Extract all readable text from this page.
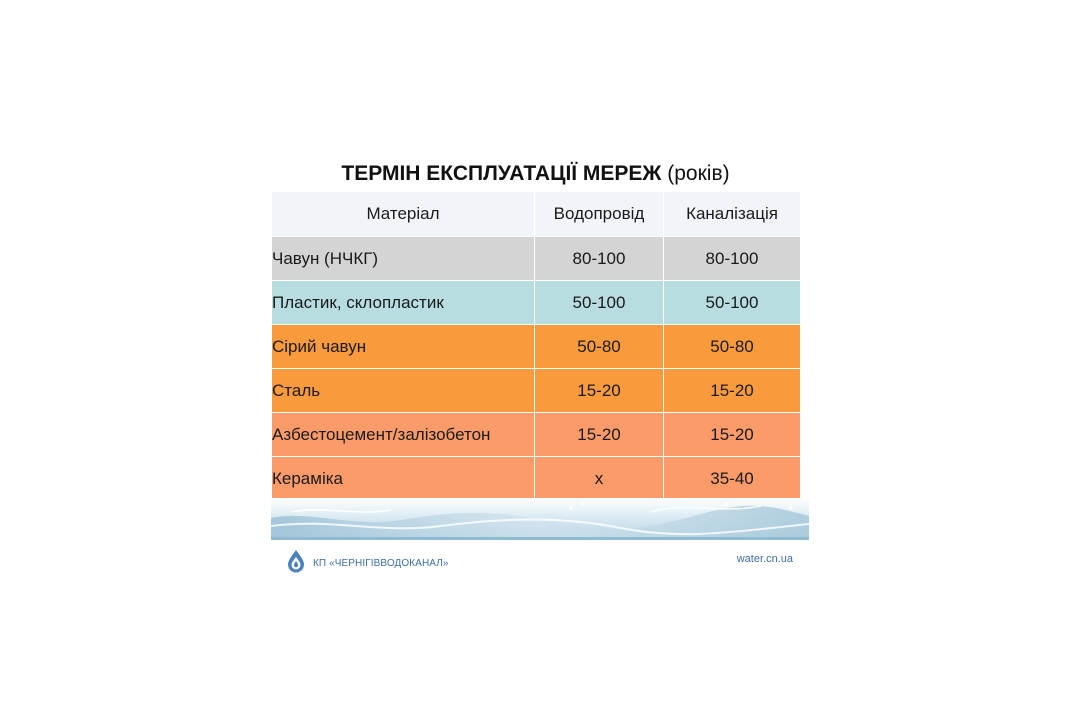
ТЕРМІН ЕКСПЛУАТАЦІЇ МЕРЕЖ (років)
Матеріал	Водопровід	Каналізація
Чавун (НЧКГ)	80-100	80-100
Пластик, склопластик	50-100	50-100
Сірий чавун	50-80	50-80
Сталь	15-20	15-20
Азбестоцемент/залізобетон	15-20	15-20
Кераміка	x	35-40
КП «ЧЕРНІГІВВОДОКАНАЛ»	water.cn.ua
